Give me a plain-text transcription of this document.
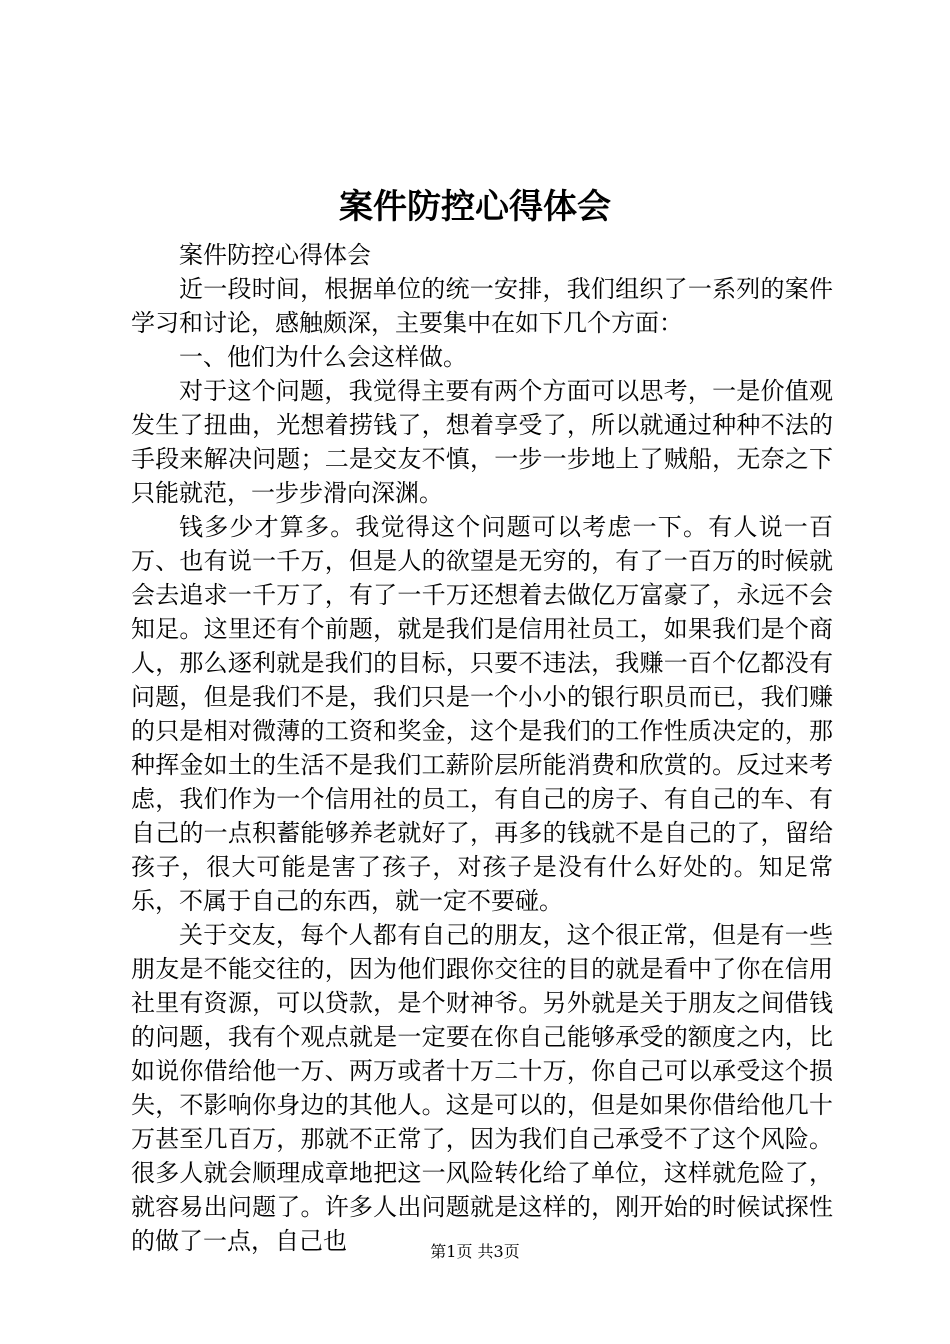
案件防控心得体会

案件防控心得体会

近一段时间，根据单位的统一安排，我们组织了一系列的案件学习和讨论，感触颇深，主要集中在如下几个方面：

一、他们为什么会这样做。

对于这个问题，我觉得主要有两个方面可以思考，一是价值观发生了扭曲，光想着捞钱了，想着享受了，所以就通过种种不法的手段来解决问题；二是交友不慎，一步一步地上了贼船，无奈之下只能就范，一步步滑向深渊。

钱多少才算多。我觉得这个问题可以考虑一下。有人说一百万、也有说一千万，但是人的欲望是无穷的，有了一百万的时候就会去追求一千万了，有了一千万还想着去做亿万富豪了，永远不会知足。这里还有个前题，就是我们是信用社员工，如果我们是个商人，那么逐利就是我们的目标，只要不违法，我赚一百个亿都没有问题，但是我们不是，我们只是一个小小的银行职员而已，我们赚的只是相对微薄的工资和奖金，这个是我们的工作性质决定的，那种挥金如土的生活不是我们工薪阶层所能消费和欣赏的。反过来考虑，我们作为一个信用社的员工，有自己的房子、有自己的车、有自己的一点积蓄能够养老就好了，再多的钱就不是自己的了，留给孩子，很大可能是害了孩子，对孩子是没有什么好处的。知足常乐，不属于自己的东西，就一定不要碰。

关于交友，每个人都有自己的朋友，这个很正常，但是有一些朋友是不能交往的，因为他们跟你交往的目的就是看中了你在信用社里有资源，可以贷款，是个财神爷。另外就是关于朋友之间借钱的问题，我有个观点就是一定要在你自己能够承受的额度之内，比如说你借给他一万、两万或者十万二十万，你自己可以承受这个损失，不影响你身边的其他人。这是可以的，但是如果你借给他几十万甚至几百万，那就不正常了，因为我们自己承受不了这个风险。很多人就会顺理成章地把这一风险转化给了单位，这样就危险了，就容易出问题了。许多人出问题就是这样的，刚开始的时候试探性的做了一点，自己也	第1页 共3页
